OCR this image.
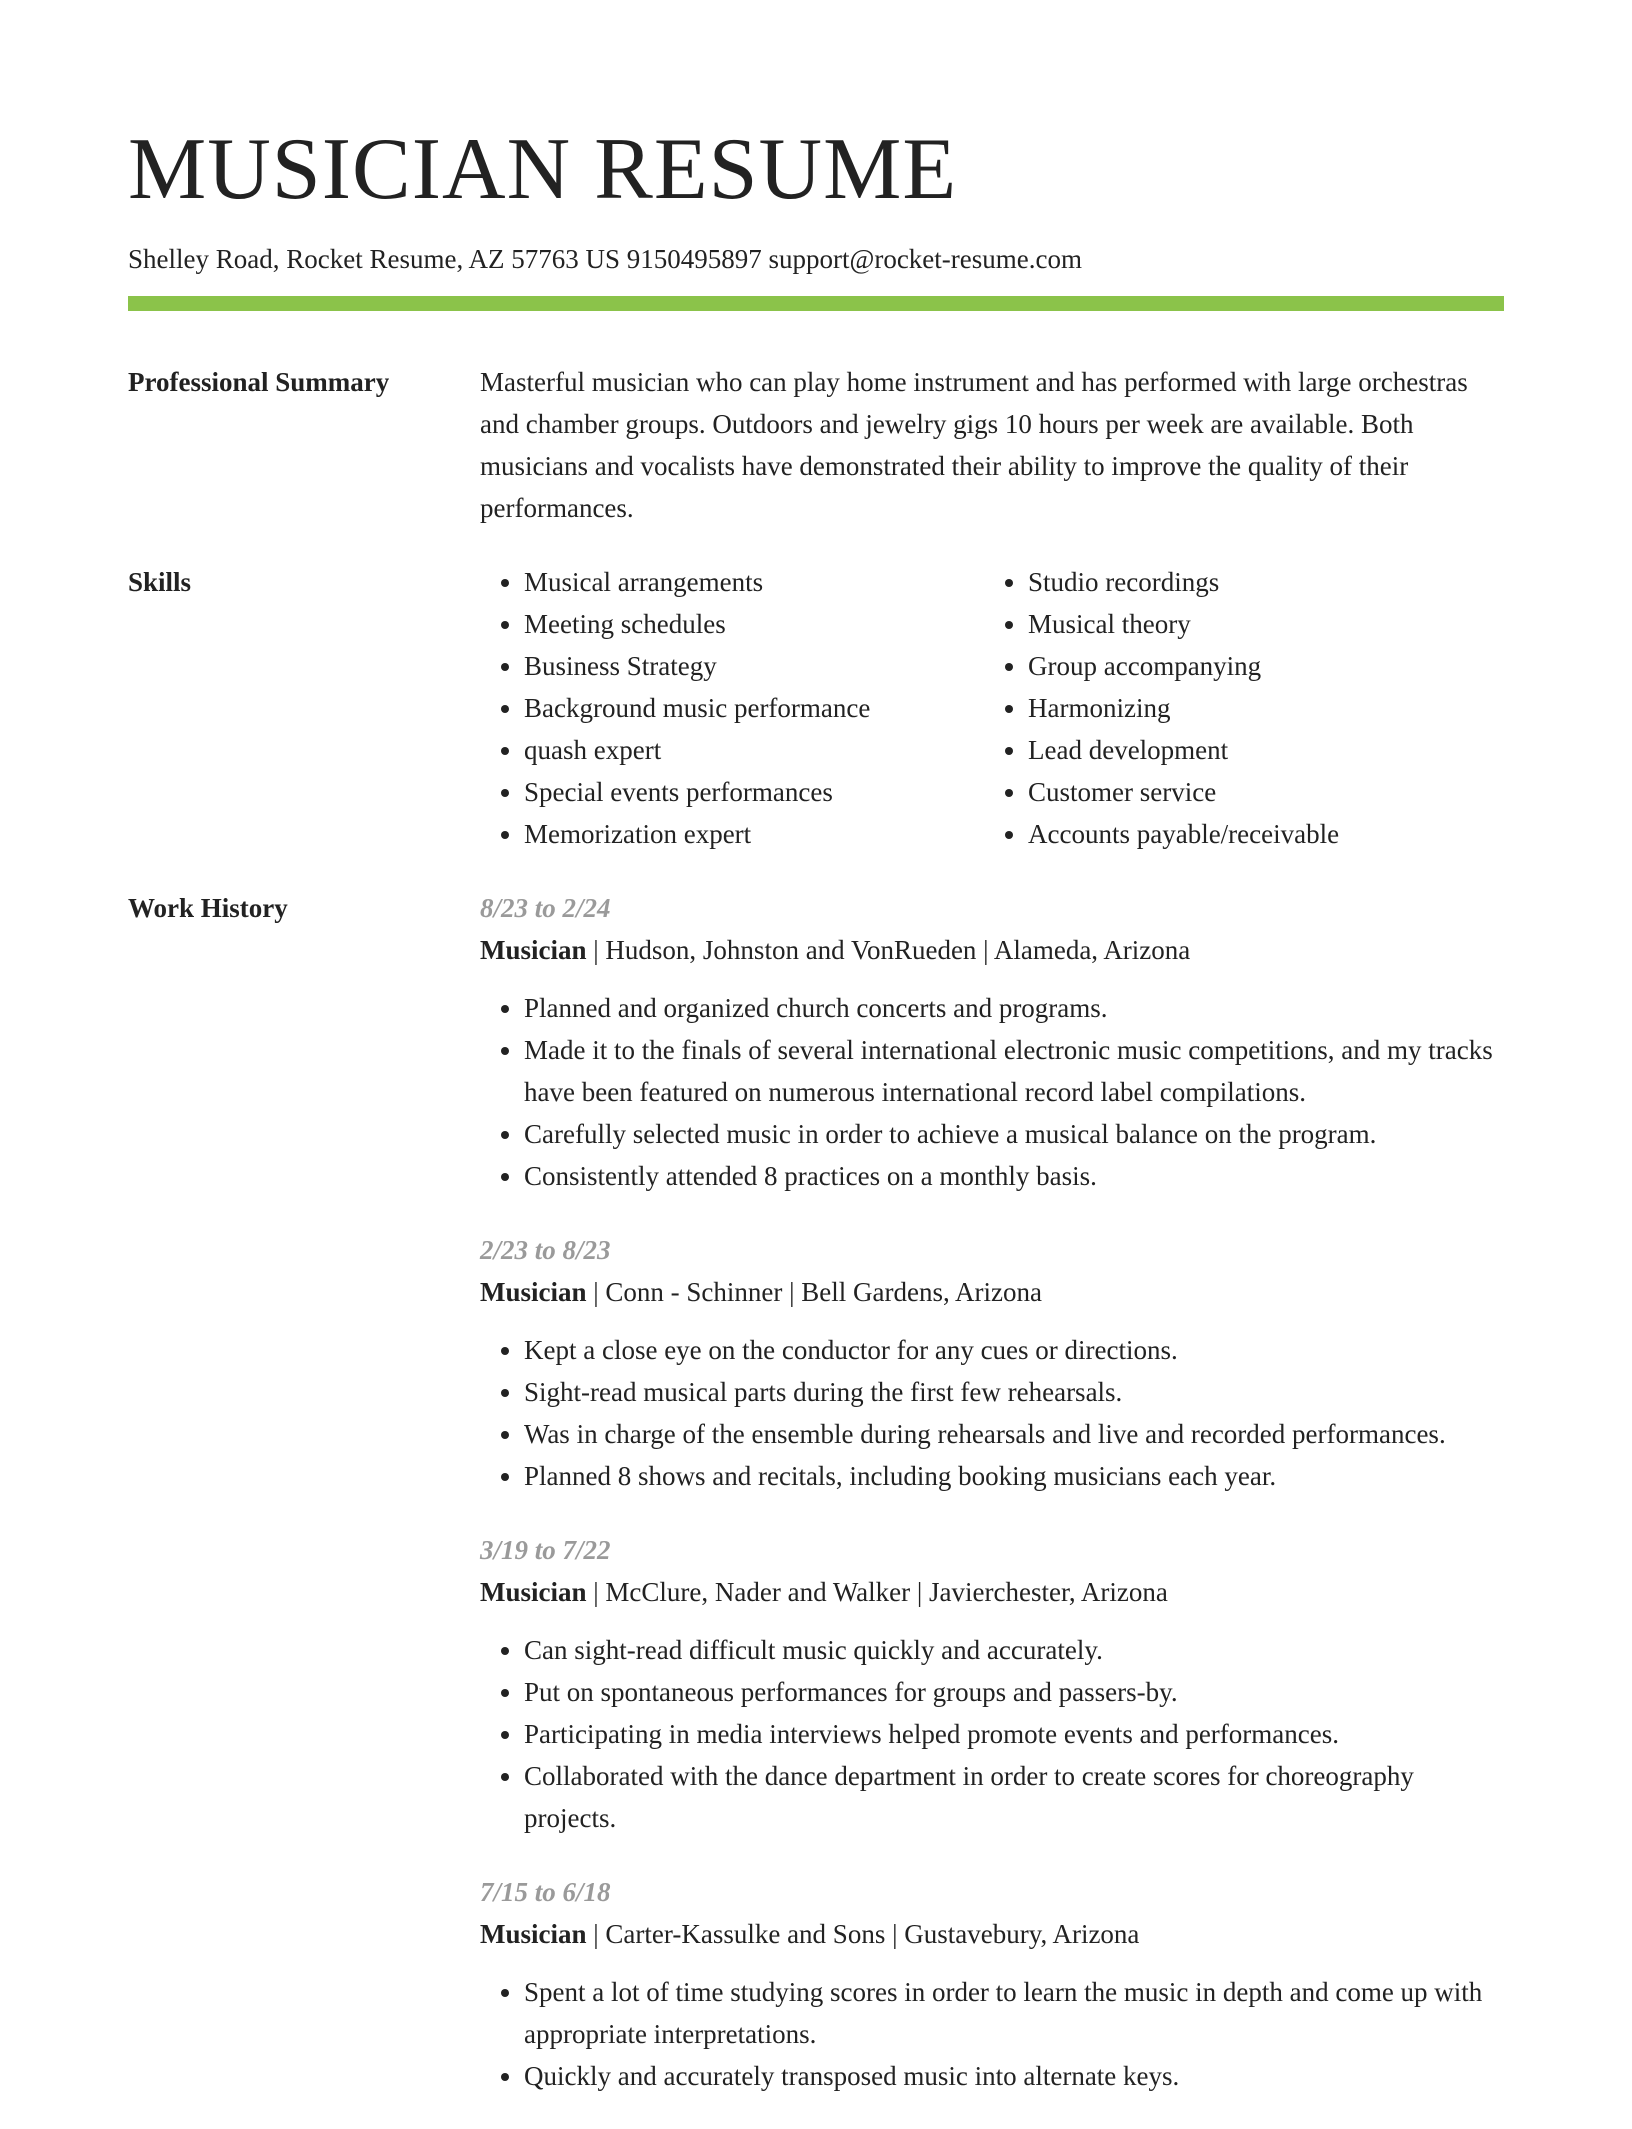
MUSICIAN RESUME
Shelley Road, Rocket Resume, AZ 57763 US 9150495897 support@rocket-resume.com
Professional Summary	Masterful musician who can play home instrument and has performed with large orchestras and chamber groups. Outdoors and jewelry gigs 10 hours per week are available. Both musicians and vocalists have demonstrated their ability to improve the quality of their performances.
Skills
•	Musical arrangements
• Meeting schedules
• Business Strategy
• Background music performance
• quash expert
• Special events performances
• Memorization expert
• Studio recordings
• Musical theory
• Group accompanying
• Harmonizing
• Lead development
• Customer service
• Accounts payable/receivable
Work History	8/23 to 2/24
Musician | Hudson, Johnston and VonRueden | Alameda, Arizona
• Planned and organized church concerts and programs.
• Made it to the finals of several international electronic music competitions, and my tracks have been featured on numerous international record label compilations.
• Carefully selected music in order to achieve a musical balance on the program.
• Consistently attended 8 practices on a monthly basis.
2/23 to 8/23
Musician | Conn - Schinner | Bell Gardens, Arizona
• Kept a close eye on the conductor for any cues or directions.
• Sight-read musical parts during the first few rehearsals.
• Was in charge of the ensemble during rehearsals and live and recorded performances.
• Planned 8 shows and recitals, including booking musicians each year.
3/19 to 7/22
Musician | McClure, Nader and Walker | Javierchester, Arizona
• Can sight-read difficult music quickly and accurately.
• Put on spontaneous performances for groups and passers-by.
• Participating in media interviews helped promote events and performances.
• Collaborated with the dance department in order to create scores for choreography projects.
7/15 to 6/18
Musician | Carter-Kassulke and Sons | Gustavebury, Arizona
• Spent a lot of time studying scores in order to learn the music in depth and come up with appropriate interpretations.
• Quickly and accurately transposed music into alternate keys.
